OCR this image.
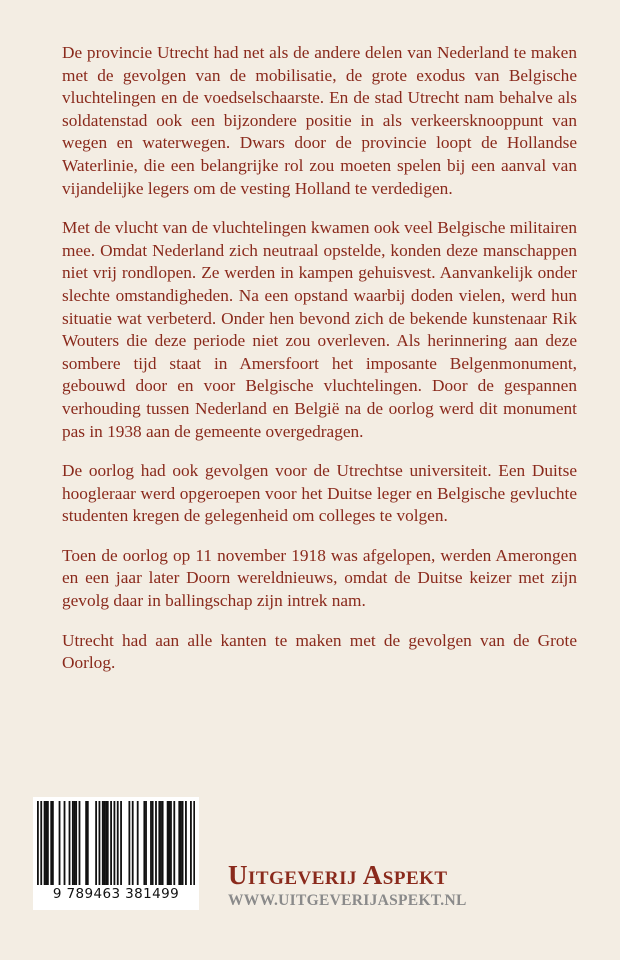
De provincie Utrecht had net als de andere delen van Nederland te maken met de gevolgen van de mobilisatie, de grote exodus van Belgische vluchtelingen en de voedselschaarste. En de stad Utrecht nam behalve als soldatenstad ook een bijzondere positie in als verkeersknooppunt van wegen en waterwegen. Dwars door de provincie loopt de Hollandse Waterlinie, die een belangrijke rol zou moeten spelen bij een aanval van vijandelijke legers om de vesting Holland te verdedigen.

Met de vlucht van de vluchtelingen kwamen ook veel Belgische militairen mee. Omdat Nederland zich neutraal opstelde, konden deze manschappen niet vrij rondlopen. Ze werden in kampen gehuisvest. Aanvankelijk onder slechte omstandigheden. Na een opstand waarbij doden vielen, werd hun situatie wat verbeterd. Onder hen bevond zich de bekende kunstenaar Rik Wouters die deze periode niet zou overleven. Als herinnering aan deze sombere tijd staat in Amersfoort het imposante Belgenmonument, gebouwd door en voor Belgische vluchtelingen. Door de gespannen verhouding tussen Nederland en België na de oorlog werd dit monument pas in 1938 aan de gemeente overgedragen.

De oorlog had ook gevolgen voor de Utrechtse universiteit. Een Duitse hoogleraar werd opgeroepen voor het Duitse leger en Belgische gevluchte studenten kregen de gelegenheid om colleges te volgen.

Toen de oorlog op 11 november 1918 was afgelopen, werden Amerongen en een jaar later Doorn wereldnieuws, omdat de Duitse keizer met zijn gevolg daar in ballingschap zijn intrek nam.

Utrecht had aan alle kanten te maken met de gevolgen van de Grote Oorlog.

9 789463 381499
Uitgeverij Aspekt
WWW.UITGEVERIJASPEKT.NL
